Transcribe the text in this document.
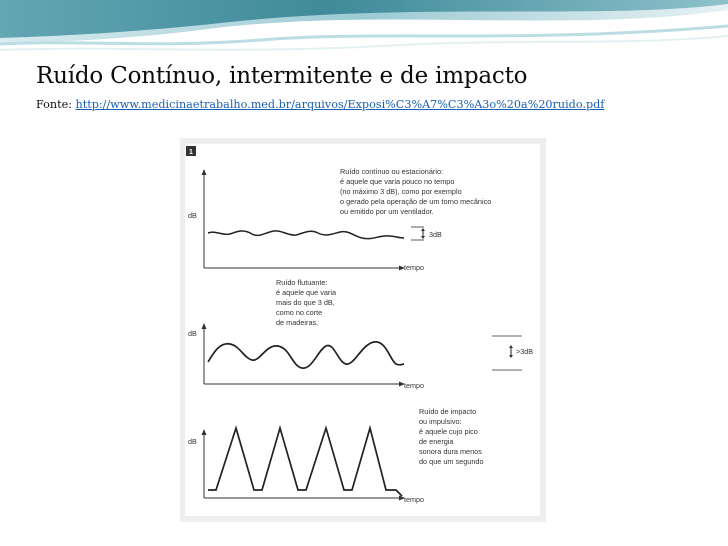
Ruído Contínuo, intermitente e de impacto
Fonte: http://www.medicinaetrabalho.med.br/arquivos/Exposi%C3%A7%C3%A3o%20a%20ruido.pdf
1
dB
tempo
3dB
Ruído contínuo ou estacionário:
é aquele que varia pouco no tempo
(no máximo 3 dB), como por exemplo
o gerado pela operação de um torno mecânico
ou emitido por um ventilador.
dB
tempo
>3dB
Ruído flutuante:
é aquele que varia
mais do que 3 dB,
como no corte
de madeiras.
dB
tempo
Ruído de impacto
ou impulsivo:
é aquele cujo pico
de energia
sonora dura menos
do que um segundo
